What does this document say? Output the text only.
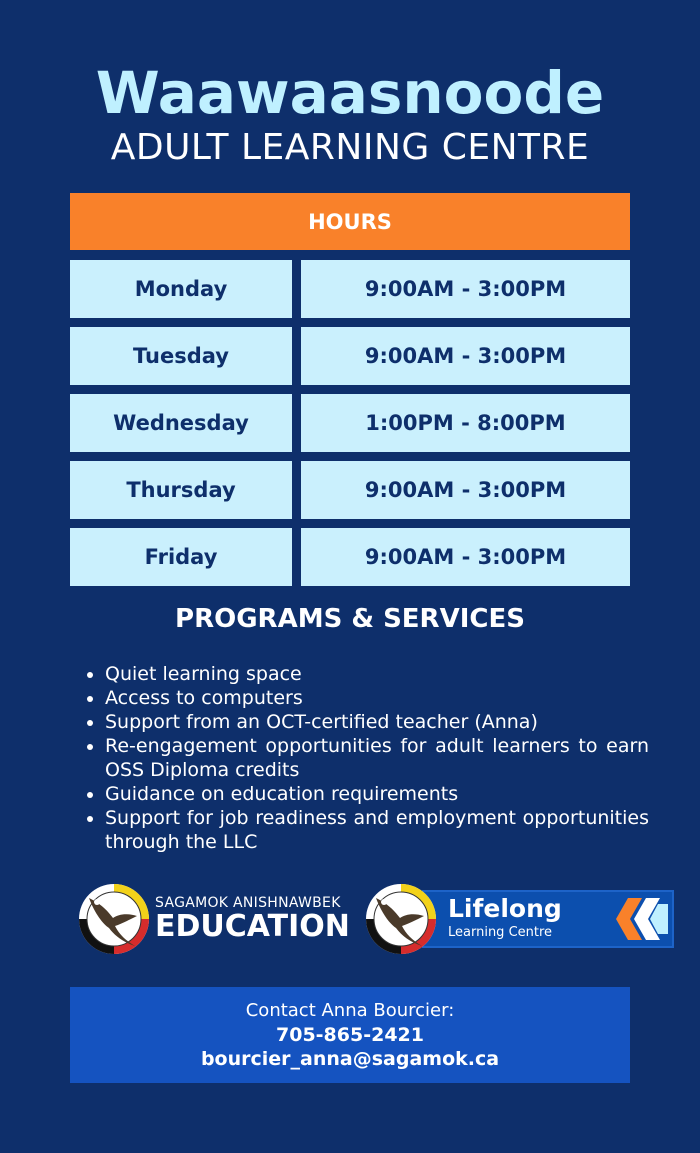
Waawaasnoode
ADULT LEARNING CENTRE
HOURS
Monday	9:00AM - 3:00PM
Tuesday	9:00AM - 3:00PM
Wednesday	1:00PM - 8:00PM
Thursday	9:00AM - 3:00PM
Friday	9:00AM - 3:00PM
PROGRAMS & SERVICES
• Quiet learning space
• Access to computers
• Support from an OCT-certified teacher (Anna)
• Re-engagement opportunities for adult learners to earn OSS Diploma credits
• Guidance on education requirements
• Support for job readiness and employment opportunities through the LLC
SAGAMOK ANISHNAWBEK
EDUCATION
Lifelong
Learning Centre
Contact Anna Bourcier:
705-865-2421
bourcier_anna@sagamok.ca
